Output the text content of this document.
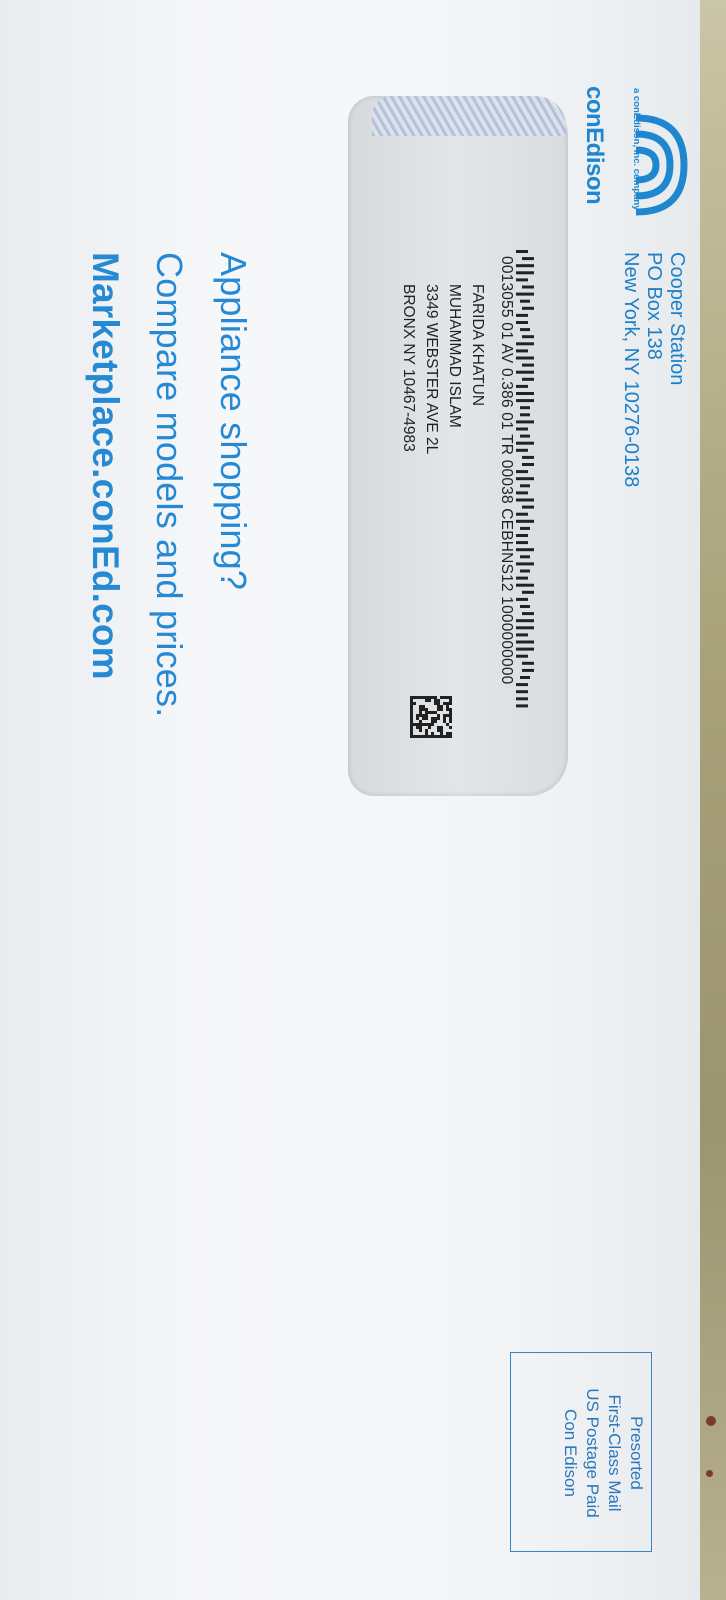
conEdison a conEdison, inc. company
Cooper Station
PO Box 138
New York, NY 10276-0138
0013055 01 AV 0.386 01 TR 00038 CEBHNS12 1000000000
FARIDA KHATUN
MUHAMMAD ISLAM
3349 WEBSTER AVE 2L
BRONX NY 10467-4983
Appliance shopping?
Compare models and prices.
Marketplace.conEd.com
Presorted
First-Class Mail
US Postage Paid
Con Edison
